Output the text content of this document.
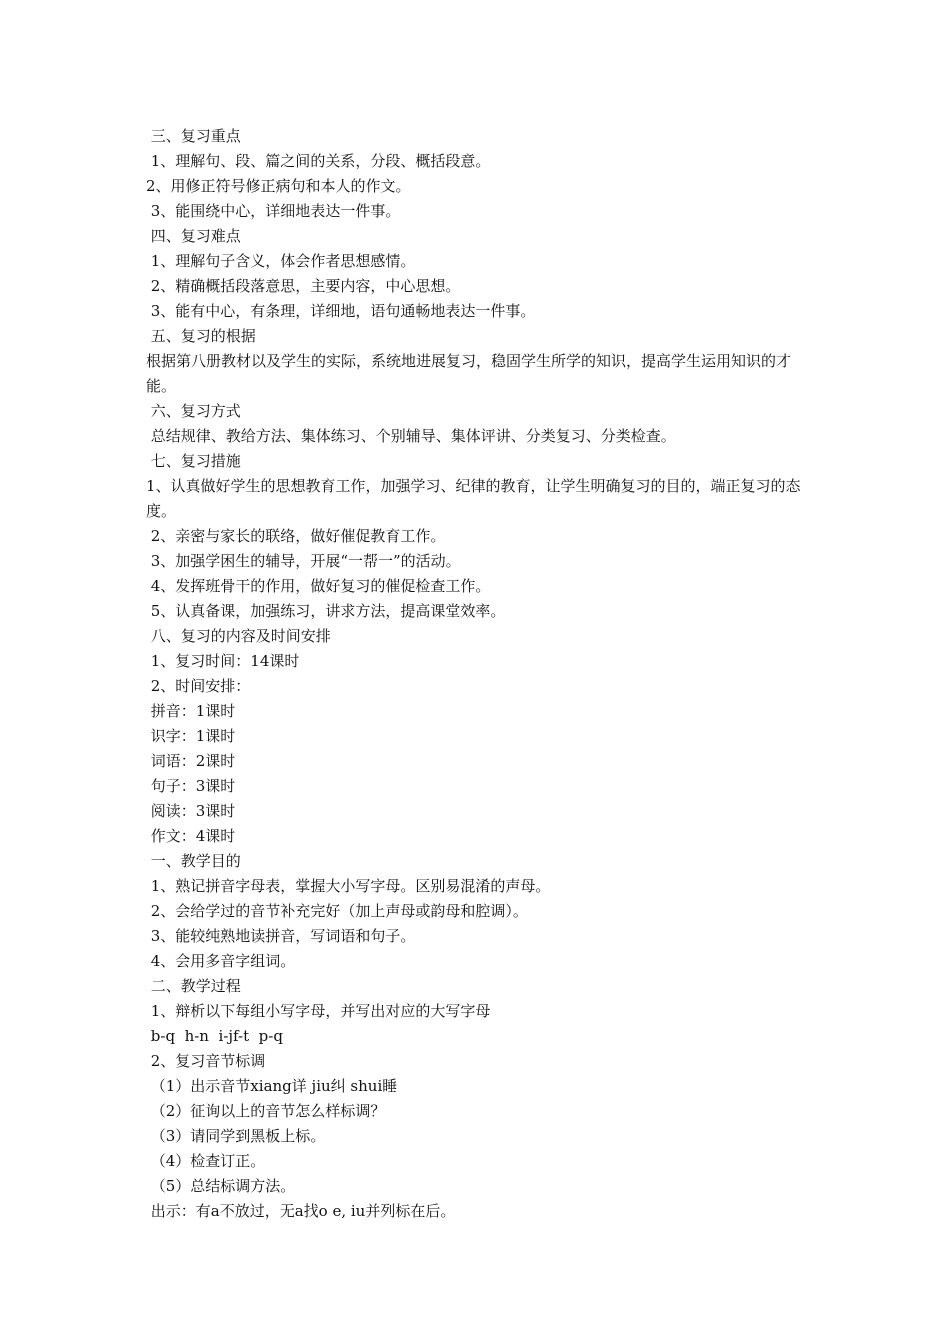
三、复习重点
1、理解句、段、篇之间的关系，分段、概括段意。
2、用修正符号修正病句和本人的作文。
3、能围绕中心，详细地表达一件事。
四、复习难点
1、理解句子含义，体会作者思想感情。
2、精确概括段落意思，主要内容，中心思想。
3、能有中心，有条理，详细地，语句通畅地表达一件事。
五、复习的根据
根据第八册教材以及学生的实际，系统地进展复习，稳固学生所学的知识，提高学生运用知识的才能。
六、复习方式
总结规律、教给方法、集体练习、个别辅导、集体评讲、分类复习、分类检查。
七、复习措施
1、认真做好学生的思想教育工作，加强学习、纪律的教育，让学生明确复习的目的，端正复习的态度。
2、亲密与家长的联络，做好催促教育工作。
3、加强学困生的辅导，开展“一帮一”的活动。
4、发挥班骨干的作用，做好复习的催促检查工作。
5、认真备课，加强练习，讲求方法，提高课堂效率。
八、复习的内容及时间安排
1、复习时间：14课时
2、时间安排：
拼音：1课时
识字：1课时
词语：2课时
句子：3课时
阅读：3课时
作文：4课时
一、教学目的
1、熟记拼音字母表，掌握大小写字母。区别易混淆的声母。
2、会给学过的音节补充完好（加上声母或韵母和腔调）。
3、能较纯熟地读拼音，写词语和句子。
4、会用多音字组词。
二、教学过程
1、辩析以下每组小写字母，并写出对应的大写字母
b-q  h-n  i-jf-t  p-q
2、复习音节标调
（1）出示音节xiang详 jiu纠 shui睡
（2）征询以上的音节怎么样标调？
（3）请同学到黑板上标。
（4）检查订正。
（5）总结标调方法。
出示：有a不放过，无a找o e, iu并列标在后。
